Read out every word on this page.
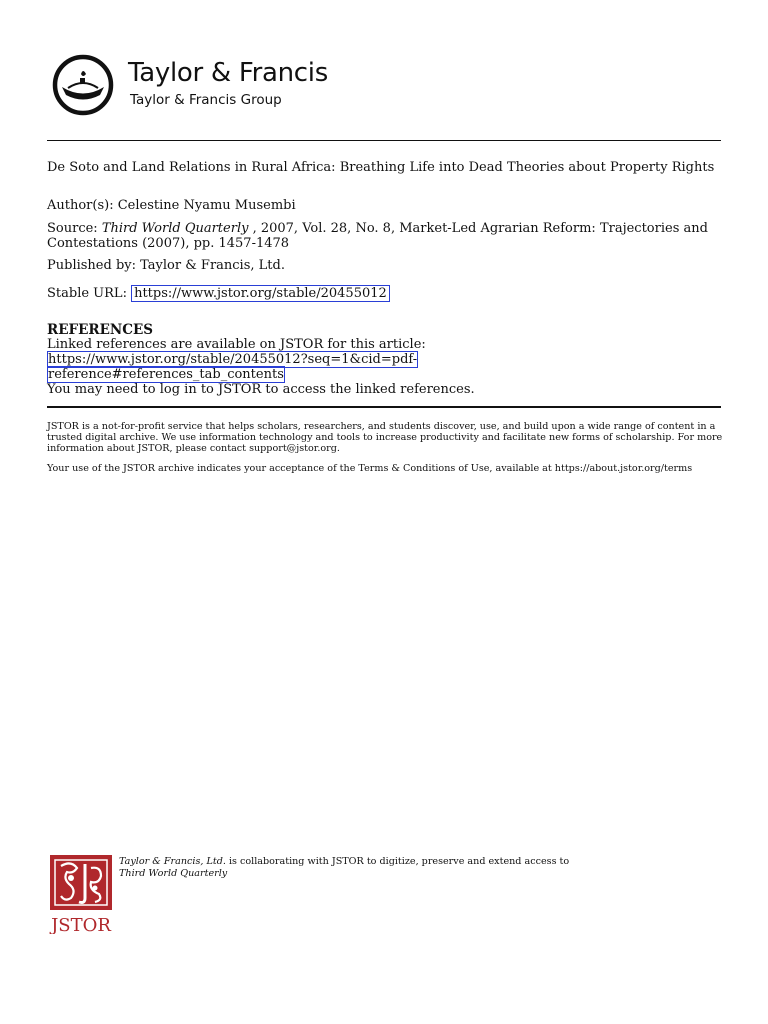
Taylor & Francis
Taylor & Francis Group
De Soto and Land Relations in Rural Africa: Breathing Life into Dead Theories about Property Rights
Author(s): Celestine Nyamu Musembi
Source: Third World Quarterly , 2007, Vol. 28, No. 8, Market-Led Agrarian Reform: Trajectories and Contestations (2007), pp. 1457-1478
Published by: Taylor & Francis, Ltd.
Stable URL: https://www.jstor.org/stable/20455012
REFERENCES
Linked references are available on JSTOR for this article:
https://www.jstor.org/stable/20455012?seq=1&cid=pdf-
reference#references_tab_contents
You may need to log in to JSTOR to access the linked references.
JSTOR is a not-for-profit service that helps scholars, researchers, and students discover, use, and build upon a wide range of content in a trusted digital archive. We use information technology and tools to increase productivity and facilitate new forms of scholarship. For more information about JSTOR, please contact support@jstor.org.
Your use of the JSTOR archive indicates your acceptance of the Terms & Conditions of Use, available at https://about.jstor.org/terms
JSTOR
Taylor & Francis, Ltd. is collaborating with JSTOR to digitize, preserve and extend access to
Third World Quarterly
